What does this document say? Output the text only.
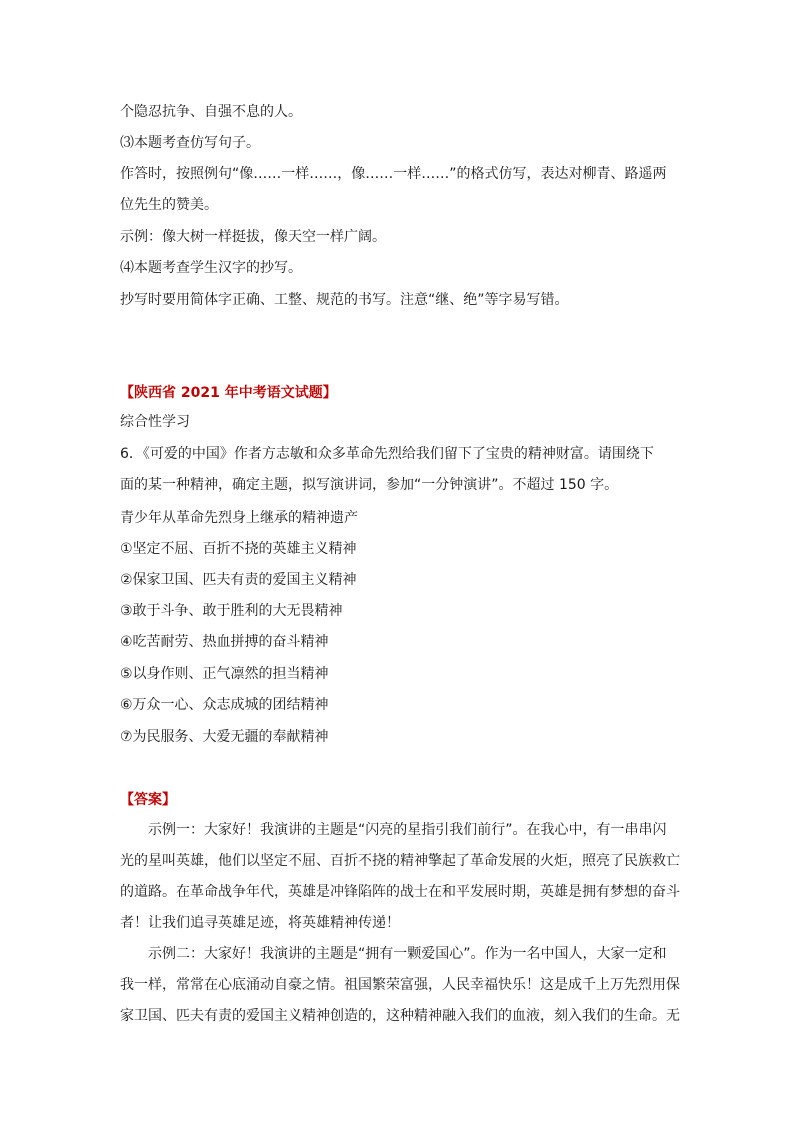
个隐忍抗争、自强不息的人。
⑶本题考查仿写句子。
作答时，按照例句“像……一样……，像……一样……”的格式仿写，表达对柳青、路遥两
位先生的赞美。
示例：像大树一样挺拔，像天空一样广阔。
⑷本题考查学生汉字的抄写。
抄写时要用简体字正确、工整、规范的书写。注意“继、绝”等字易写错。
【陕西省 2021 年中考语文试题】
综合性学习
6．《可爱的中国》作者方志敏和众多革命先烈给我们留下了宝贵的精神财富。请围绕下
面的某一种精神，确定主题，拟写演讲词，参加“一分钟演讲”。不超过 150 字。
青少年从革命先烈身上继承的精神遗产
①坚定不屈、百折不挠的英雄主义精神
②保家卫国、匹夫有责的爱国主义精神
③敢于斗争、敢于胜利的大无畏精神
④吃苦耐劳、热血拼搏的奋斗精神
⑤以身作则、正气凛然的担当精神
⑥万众一心、众志成城的团结精神
⑦为民服务、大爱无疆的奉献精神
【答案】
示例一：大家好！我演讲的主题是“闪亮的星指引我们前行”。在我心中，有一串串闪
光的星叫英雄，他们以坚定不屈、百折不挠的精神擎起了革命发展的火炬，照亮了民族救亡
的道路。在革命战争年代，英雄是冲锋陷阵的战士在和平发展时期，英雄是拥有梦想的奋斗
者！让我们追寻英雄足迹，将英雄精神传递！
示例二：大家好！我演讲的主题是“拥有一颗爱国心”。作为一名中国人，大家一定和
我一样，常常在心底涌动自豪之情。祖国繁荣富强，人民幸福快乐！这是成千上万先烈用保
家卫国、匹夫有责的爱国主义精神创造的，这种精神融入我们的血液，刻入我们的生命。无
